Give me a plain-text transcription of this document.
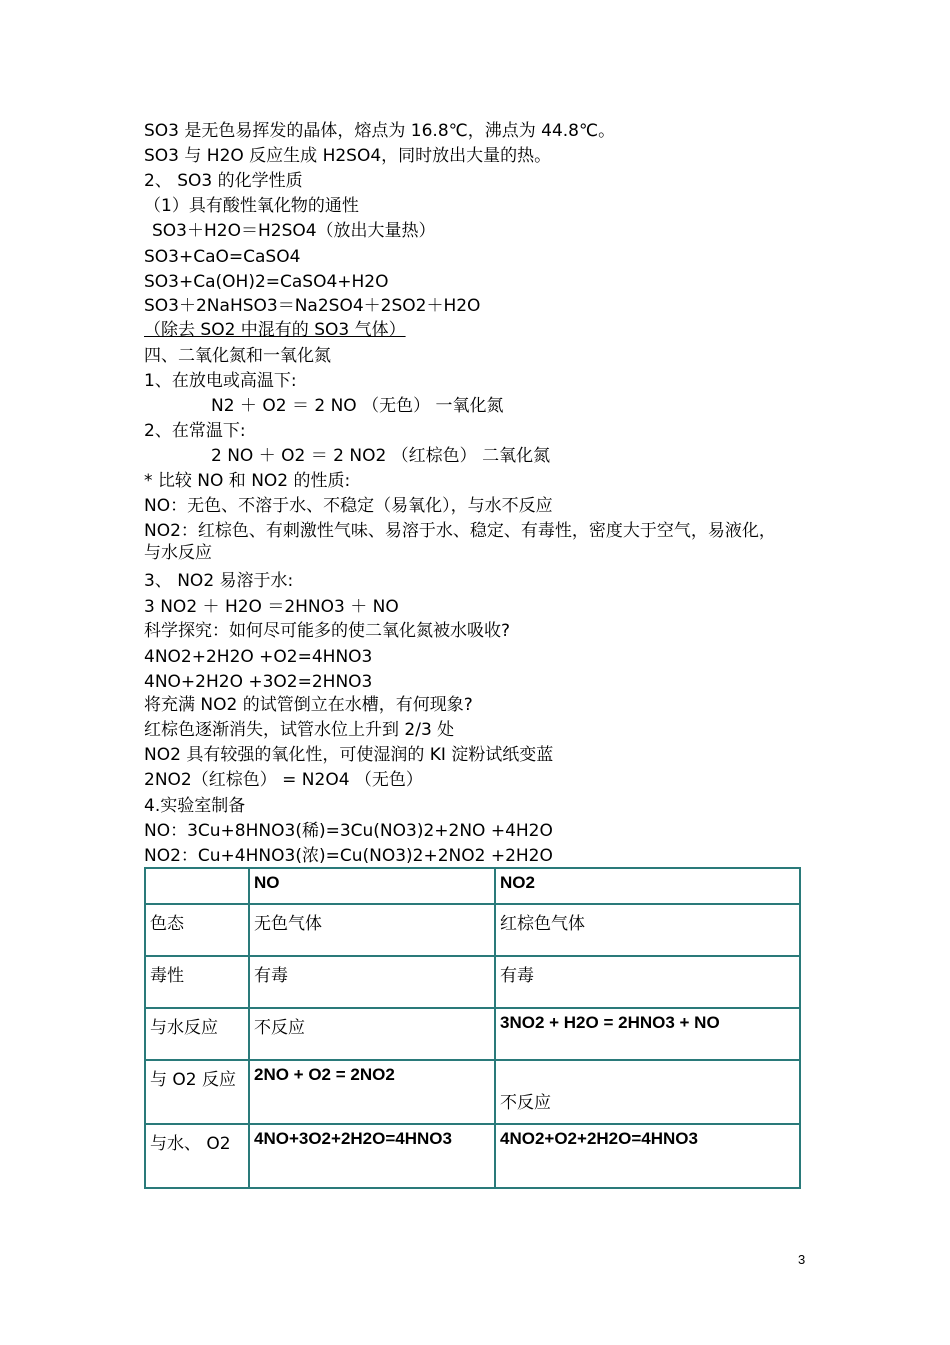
SO3 是无色易挥发的晶体，熔点为 16.8℃，沸点为 44.8℃。
SO3 与 H2O 反应生成 H2SO4，同时放出大量的热。
2、 SO3 的化学性质
（1）具有酸性氧化物的通性
SO3＋H2O＝H2SO4（放出大量热）
SO3+CaO=CaSO4
SO3+Ca(OH)2=CaSO4+H2O
SO3＋2NaHSO3＝Na2SO4＋2SO2＋H2O
（除去 SO2 中混有的 SO3 气体）
四、二氧化氮和一氧化氮
1、在放电或高温下:
N2 ＋ O2 ＝ 2 NO （无色） 一氧化氮
2、在常温下:
2 NO ＋ O2 ＝ 2 NO2 （红棕色） 二氧化氮
* 比较 NO 和 NO2 的性质:
NO：无色、不溶于水、不稳定（易氧化），与水不反应
NO2：红棕色、有刺激性气味、易溶于水、稳定、有毒性，密度大于空气，易液化，与水反应
3、 NO2 易溶于水:
3 NO2 ＋ H2O ＝2HNO3 ＋ NO
科学探究：如何尽可能多的使二氧化氮被水吸收?
4NO2+2H2O +O2=4HNO3
4NO+2H2O +3O2=2HNO3
将充满 NO2 的试管倒立在水槽，有何现象?
红棕色逐渐消失，试管水位上升到 2/3 处
NO2 具有较强的氧化性，可使湿润的 KI 淀粉试纸变蓝
2NO2（红棕色） = N2O4 （无色）
4.实验室制备
NO：3Cu+8HNO3(稀)=3Cu(NO3)2+2NO +4H2O
NO2：Cu+4HNO3(浓)=Cu(NO3)2+2NO2 +2H2O
	NO	NO2
色态	无色气体	红棕色气体
毒性	有毒	有毒
与水反应	不反应	3NO2 + H2O = 2HNO3 + NO
与 O2 反应	2NO + O2 = 2NO2	不反应
与水、 O2	4NO+3O2+2H2O=4HNO3	4NO2+O2+2H2O=4HNO3
3
